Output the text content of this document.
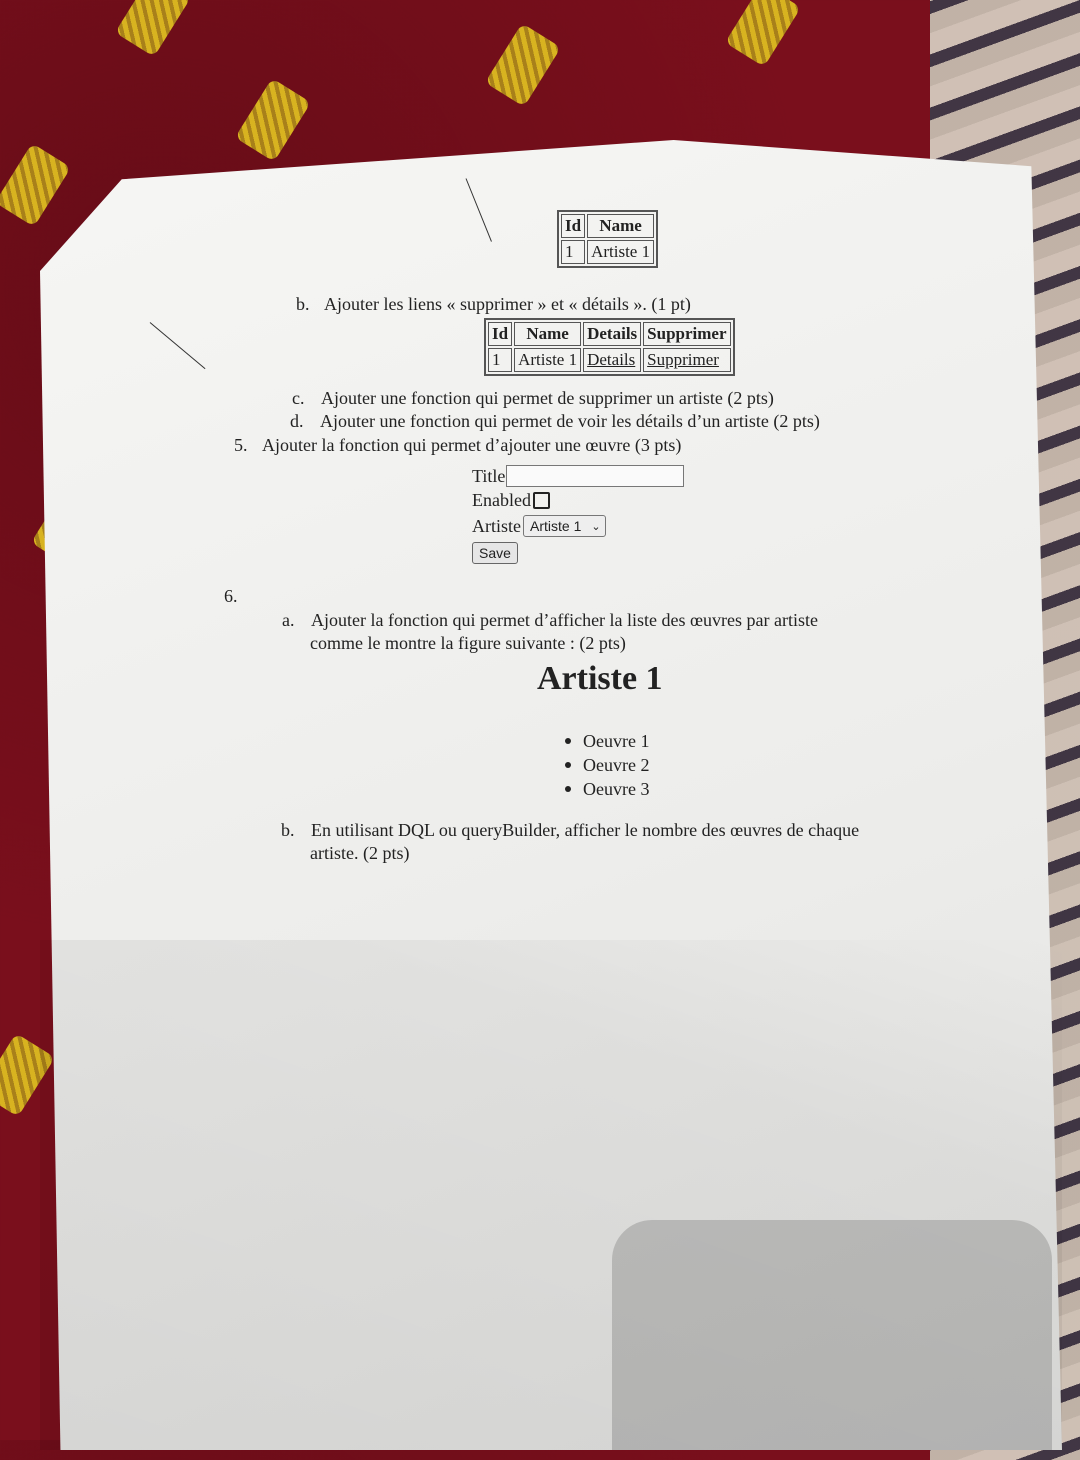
Id	Name
1	Artiste 1
b. Ajouter les liens « supprimer » et « détails ». (1 pt)
Id	Name	Details	Supprimer
1	Artiste 1	Details	Supprimer
c. Ajouter une fonction qui permet de supprimer un artiste (2 pts)
d. Ajouter une fonction qui permet de voir les détails d’un artiste (2 pts)
5. Ajouter la fonction qui permet d’ajouter une œuvre (3 pts)
Title
Enabled
Artiste Artiste 1 ⌄
Save
6.
a. Ajouter la fonction qui permet d’afficher la liste des œuvres par artiste
comme le montre la figure suivante : (2 pts)
Artiste 1
Oeuvre 1
Oeuvre 2
Oeuvre 3
b. En utilisant DQL ou queryBuilder, afficher le nombre des œuvres de chaque
artiste. (2 pts)
